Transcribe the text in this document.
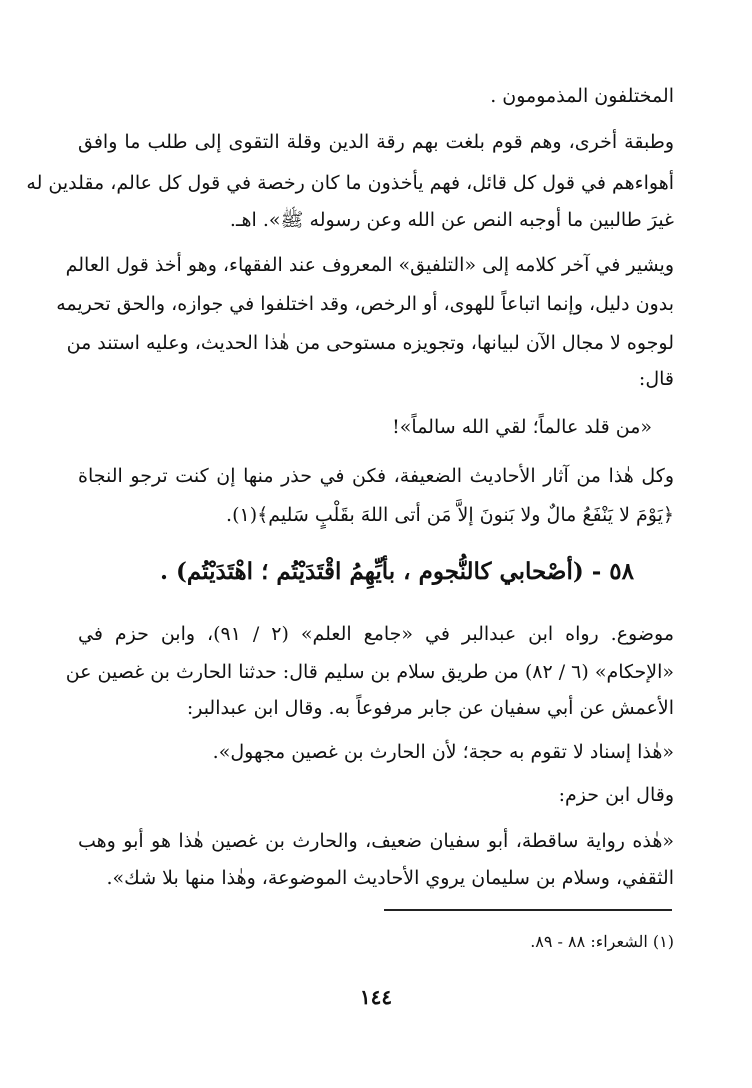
المختلفون المذمومون .
وطبقة أخرى، وهم قوم بلغت بهم رقة الدين وقلة التقوى إلى طلب ما وافق
أهواءهم في قول كل قائل، فهم يأخذون ما كان رخصة في قول كل عالم، مقلدين له
غيرَ طالبين ما أوجبه النص عن الله وعن رسوله ﷺ». اهـ.
ويشير في آخر كلامه إلى «التلفيق» المعروف عند الفقهاء، وهو أخذ قول العالم
بدون دليل، وإنما اتباعاً للهوى، أو الرخص، وقد اختلفوا في جوازه، والحق تحريمه
لوجوه لا مجال الآن لبيانها، وتجويزه مستوحى من هٰذا الحديث، وعليه استند من
قال:
«من قلد عالماً؛ لقي الله سالماً»!
وكل هٰذا من آثار الأحاديث الضعيفة، فكن في حذر منها إن كنت ترجو النجاة
﴿يَوْمَ لا يَنْفَعُ مالٌ ولا بَنونَ إلاَّ مَن أتى اللهَ بقَلْبٍ سَليم﴾(١).
٥٨ - (أصْحابي كالنُّجوم ، بأيِّهِمُ اقْتَدَيْتُم ؛ اهْتَدَيْتُم) .
موضوع. رواه ابن عبدالبر في «جامع العلم» (٢ / ٩١)، وابن حزم في
«الإحكام» (٦ / ٨٢) من طريق سلام بن سليم قال: حدثنا الحارث بن غصين عن
الأعمش عن أبي سفيان عن جابر مرفوعاً به. وقال ابن عبدالبر:
«هٰذا إسناد لا تقوم به حجة؛ لأن الحارث بن غصين مجهول».
وقال ابن حزم:
«هٰذه رواية ساقطة، أبو سفيان ضعيف، والحارث بن غصين هٰذا هو أبو وهب
الثقفي، وسلام بن سليمان يروي الأحاديث الموضوعة، وهٰذا منها بلا شك».
(١) الشعراء: ٨٨ - ٨٩.
١٤٤
